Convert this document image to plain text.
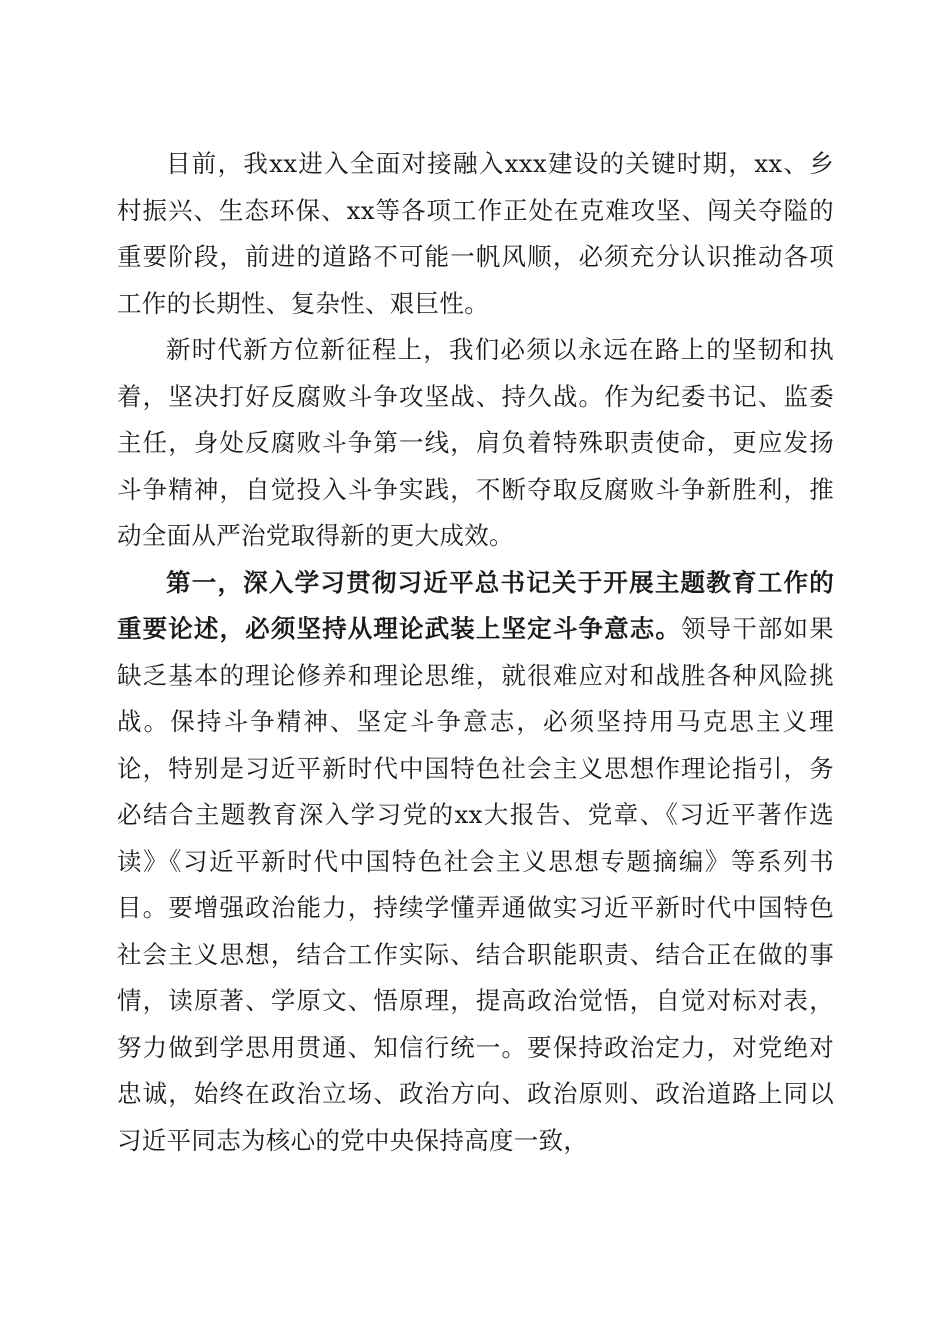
目前，我xx进入全面对接融入xxx建设的关键时期，xx、乡村振兴、生态环保、xx等各项工作正处在克难攻坚、闯关夺隘的重要阶段，前进的道路不可能一帆风顺，必须充分认识推动各项工作的长期性、复杂性、艰巨性。

新时代新方位新征程上，我们必须以永远在路上的坚韧和执着，坚决打好反腐败斗争攻坚战、持久战。作为纪委书记、监委主任，身处反腐败斗争第一线，肩负着特殊职责使命，更应发扬斗争精神，自觉投入斗争实践，不断夺取反腐败斗争新胜利，推动全面从严治党取得新的更大成效。

第一，深入学习贯彻习近平总书记关于开展主题教育工作的重要论述，必须坚持从理论武装上坚定斗争意志。领导干部如果缺乏基本的理论修养和理论思维，就很难应对和战胜各种风险挑战。保持斗争精神、坚定斗争意志，必须坚持用马克思主义理论，特别是习近平新时代中国特色社会主义思想作理论指引，务必结合主题教育深入学习党的xx大报告、党章、《习近平著作选读》《习近平新时代中国特色社会主义思想专题摘编》等系列书目。要增强政治能力，持续学懂弄通做实习近平新时代中国特色社会主义思想，结合工作实际、结合职能职责、结合正在做的事情，读原著、学原文、悟原理，提高政治觉悟，自觉对标对表，努力做到学思用贯通、知信行统一。要保持政治定力，对党绝对忠诚，始终在政治立场、政治方向、政治原则、政治道路上同以习近平同志为核心的党中央保持高度一致，
